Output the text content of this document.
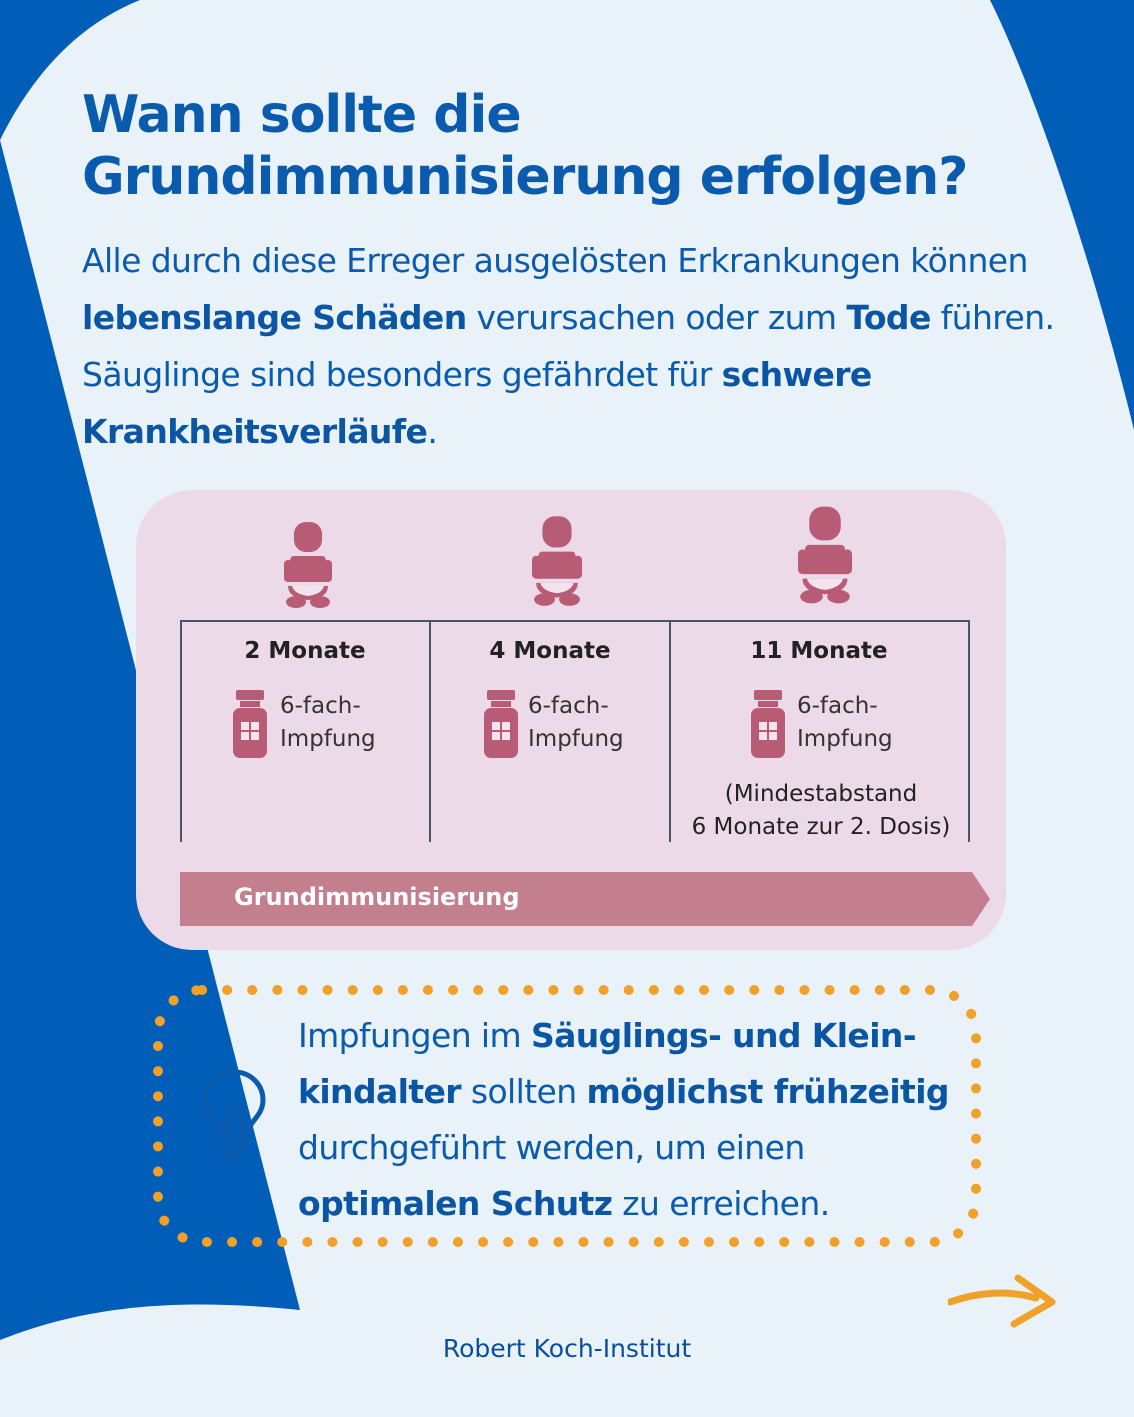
Wann sollte die
Grundimmunisierung erfolgen?

Alle durch diese Erreger ausgelösten Erkrankungen können lebenslange Schäden verursachen oder zum Tode führen. Säuglinge sind besonders gefährdet für schwere Krankheitsverläufe.

2 Monate	4 Monate	11 Monate
6-fach-
Impfung
6-fach-
Impfung
6-fach-
Impfung
(Mindestabstand
6 Monate zur 2. Dosis)
Grundimmunisierung

Impfungen im Säuglings- und Klein-kindalter sollten möglichst frühzeitig durchgeführt werden, um einen optimalen Schutz zu erreichen.

Robert Koch-Institut
